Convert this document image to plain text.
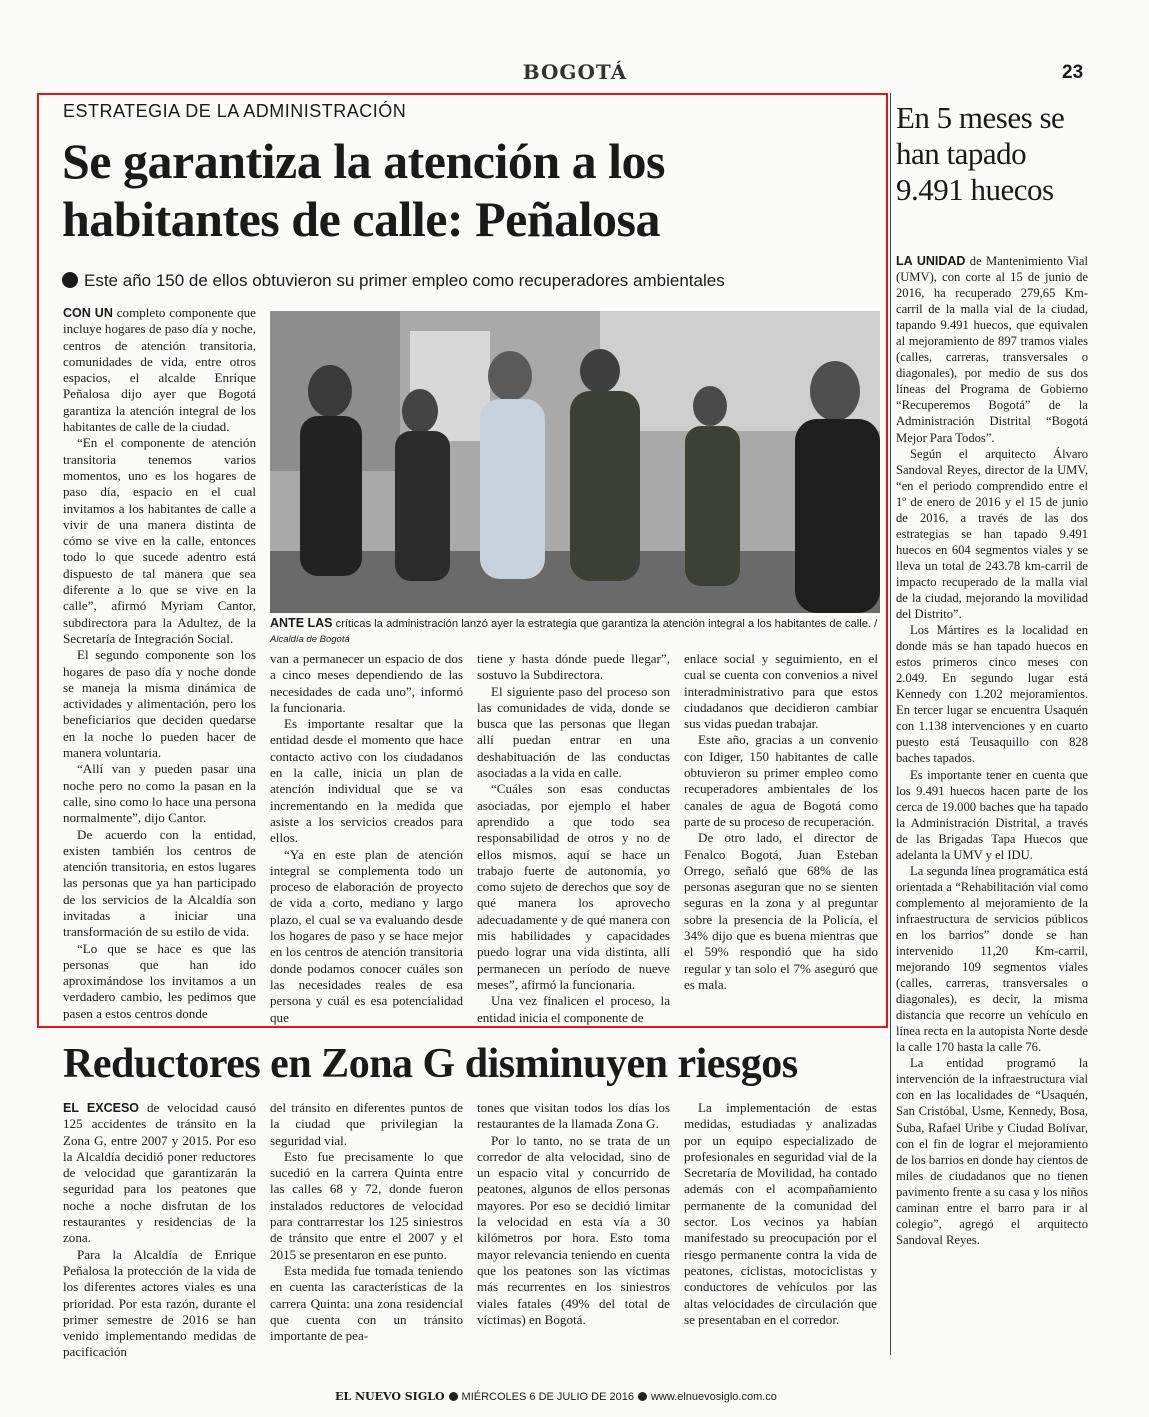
BOGOTÁ	23
ESTRATEGIA DE LA ADMINISTRACIÓN
Se garantiza la atención a los habitantes de calle: Peñalosa
Este año 150 de ellos obtuvieron su primer empleo como recuperadores ambientales

CON UN completo componente que incluye hogares de paso día y noche, centros de atención transitoria, comunidades de vida, entre otros espacios, el alcalde Enrique Peñalosa dijo ayer que Bogotá garantiza la atención integral de los habitantes de calle de la ciudad.

“En el componente de atención transitoria tenemos varios momentos, uno es los hogares de paso día, espacio en el cual invitamos a los habitantes de calle a vivir de una manera distinta de cómo se vive en la calle, entonces todo lo que sucede adentro está dispuesto de tal manera que sea diferente a lo que se vive en la calle”, afirmó Myriam Cantor, subdirectora para la Adultez, de la Secretaría de Integración Social.

El segundo componente son los hogares de paso día y noche donde se maneja la misma dinámica de actividades y alimentación, pero los beneficiarios que deciden quedarse en la noche lo pueden hacer de manera voluntaria.

“Allí van y pueden pasar una noche pero no como la pasan en la calle, sino como lo hace una persona normalmente”, dijo Cantor.

De acuerdo con la entidad, existen también los centros de atención transitoria, en estos lugares las personas que ya han participado de los servicios de la Alcaldía son invitadas a iniciar una transformación de su estilo de vida.

“Lo que se hace es que las personas que han ido aproximándose los invitamos a un verdadero cambio, les pedimos que pasen a estos centros donde

ANTE LAS críticas la administración lanzó ayer la estrategia que garantiza la atención integral a los habitantes de calle. /
Alcaldía de Bogotá

van a permanecer un espacio de dos a cinco meses dependiendo de las necesidades de cada uno”, informó la funcionaria.

Es importante resaltar que la entidad desde el momento que hace contacto activo con los ciudadanos en la calle, inicia un plan de atención individual que se va incrementando en la medida que asiste a los servicios creados para ellos.

“Ya en este plan de atención integral se complementa todo un proceso de elaboración de proyecto de vida a corto, mediano y largo plazo, el cual se va evaluando desde los hogares de paso y se hace mejor en los centros de atención transitoria donde podamos conocer cuáles son las necesidades reales de esa persona y cuál es esa potencialidad que

tiene y hasta dónde puede llegar”, sostuvo la Subdirectora.

El siguiente paso del proceso son las comunidades de vida, donde se busca que las personas que llegan allí puedan entrar en una deshabituación de las conductas asociadas a la vida en calle.

“Cuáles son esas conductas asociadas, por ejemplo el haber aprendido a que todo sea responsabilidad de otros y no de ellos mismos, aquí se hace un trabajo fuerte de autonomía, yo como sujeto de derechos que soy de qué manera los aprovecho adecuadamente y de qué manera con mis habilidades y capacidades puedo lograr una vida distinta, allí permanecen un período de nueve meses”, afirmó la funcionaria.

Una vez finalicen el proceso, la entidad inicia el componente de

enlace social y seguimiento, en el cual se cuenta con convenios a nivel interadministrativo para que estos ciudadanos que decidieron cambiar sus vidas puedan trabajar.

Este año, gracias a un convenio con Idiger, 150 habitantes de calle obtuvieron su primer empleo como recuperadores ambientales de los canales de agua de Bogotá como parte de su proceso de recuperación.

De otro lado, el director de Fenalco Bogotá, Juan Esteban Orrego, señaló que 68% de las personas aseguran que no se sienten seguras en la zona y al preguntar sobre la presencia de la Policía, el 34% dijo que es buena mientras que el 59% respondió que ha sido regular y tan solo el 7% aseguró que es mala.

En 5 meses se han tapado 9.491 huecos

LA UNIDAD de Mantenimiento Vial (UMV), con corte al 15 de junio de 2016, ha recuperado 279,65 Km-carril de la malla vial de la ciudad, tapando 9.491 huecos, que equivalen al mejoramiento de 897 tramos viales (calles, carreras, transversales o diagonales), por medio de sus dos líneas del Programa de Gobierno “Recuperemos Bogotá” de la Administración Distrital “Bogotá Mejor Para Todos”.

Según el arquitecto Álvaro Sandoval Reyes, director de la UMV, “en el periodo comprendido entre el 1º de enero de 2016 y el 15 de junio de 2016, a través de las dos estrategias se han tapado 9.491 huecos en 604 segmentos viales y se lleva un total de 243.78 km-carril de impacto recuperado de la malla vial de la ciudad, mejorando la movilidad del Distrito”.

Los Mártires es la localidad en donde más se han tapado huecos en estos primeros cinco meses con 2.049. En segundo lugar está Kennedy con 1.202 mejoramientos. En tercer lugar se encuentra Usaquén con 1.138 intervenciones y en cuarto puesto está Teusaquillo con 828 baches tapados.

Es importante tener en cuenta que los 9.491 huecos hacen parte de los cerca de 19.000 baches que ha tapado la Administración Distrital, a través de las Brigadas Tapa Huecos que adelanta la UMV y el IDU.

La segunda línea programática está orientada a “Rehabilitación vial como complemento al mejoramiento de la infraestructura de servicios públicos en los barrios” donde se han intervenido 11,20 Km-carril, mejorando 109 segmentos viales (calles, carreras, transversales o diagonales), es decir, la misma distancia que recorre un vehículo en línea recta en la autopista Norte desde la calle 170 hasta la calle 76.

La entidad programó la intervención de la infraestructura vial con en las localidades de “Usaquén, San Cristóbal, Usme, Kennedy, Bosa, Suba, Rafael Uribe y Ciudad Bolívar, con el fin de lograr el mejoramiento de los barrios en donde hay cientos de miles de ciudadanos que no tienen pavimento frente a su casa y los niños caminan entre el barro para ir al colegio”, agregó el arquitecto Sandoval Reyes.

Reductores en Zona G disminuyen riesgos

EL EXCESO de velocidad causó 125 accidentes de tránsito en la Zona G, entre 2007 y 2015. Por eso la Alcaldía decidió poner reductores de velocidad que garantizarán la seguridad para los peatones que noche a noche disfrutan de los restaurantes y residencias de la zona.

Para la Alcaldía de Enrique Peñalosa la protección de la vida de los diferentes actores viales es una prioridad. Por esta razón, durante el primer semestre de 2016 se han venido implementando medidas de pacificación

del tránsito en diferentes puntos de la ciudad que privilegian la seguridad vial.

Esto fue precisamente lo que sucedió en la carrera Quinta entre las calles 68 y 72, donde fueron instalados reductores de velocidad para contrarrestar los 125 siniestros de tránsito que entre el 2007 y el 2015 se presentaron en ese punto.

Esta medida fue tomada teniendo en cuenta las características de la carrera Quinta: una zona residencial que cuenta con un tránsito importante de pea-

tones que visitan todos los días los restaurantes de la llamada Zona G.

Por lo tanto, no se trata de un corredor de alta velocidad, sino de un espacio vital y concurrido de peatones, algunos de ellos personas mayores. Por eso se decidió limitar la velocidad en esta vía a 30 kilómetros por hora. Esto toma mayor relevancia teniendo en cuenta que los peatones son las víctimas más recurrentes en los siniestros viales fatales (49% del total de víctimas) en Bogotá.

La implementación de estas medidas, estudiadas y analizadas por un equipo especializado de profesionales en seguridad vial de la Secretaría de Movilidad, ha contado además con el acompañamiento permanente de la comunidad del sector. Los vecinos ya habían manifestado su preocupación por el riesgo permanente contra la vida de peatones, ciclistas, motociclistas y conductores de vehículos por las altas velocidades de circulación que se presentaban en el corredor.

EL NUEVO SIGLO MIÉRCOLES 6 DE JULIO DE 2016 www.elnuevosiglo.com.co
